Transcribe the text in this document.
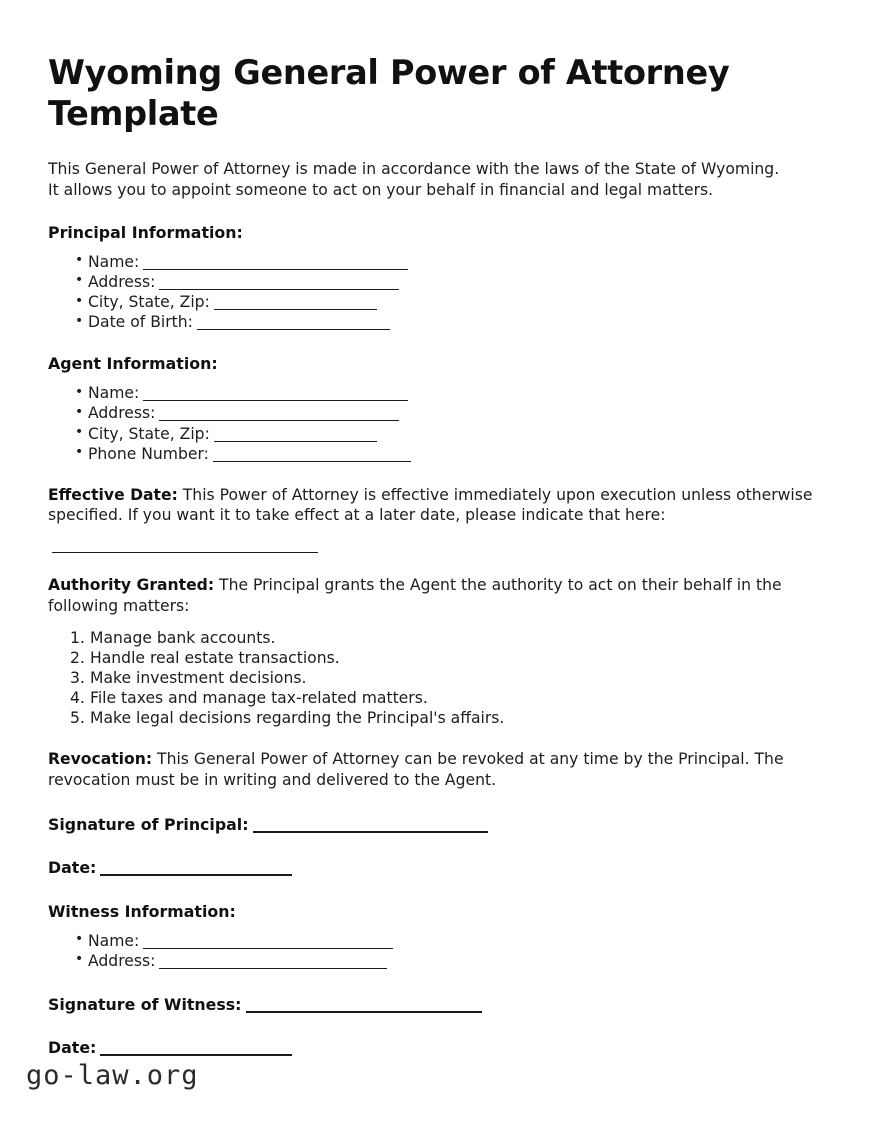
Wyoming General Power of Attorney Template

This General Power of Attorney is made in accordance with the laws of the State of Wyoming. It allows you to appoint someone to act on your behalf in financial and legal matters.

Principal Information:
• Name:
• Address:
• City, State, Zip:
• Date of Birth:
Agent Information:
• Name:
• Address:
• City, State, Zip:
• Phone Number:

Effective Date: This Power of Attorney is effective immediately upon execution unless otherwise specified. If you want it to take effect at a later date, please indicate that here:

Authority Granted: The Principal grants the Agent the authority to act on their behalf in the following matters:

Manage bank accounts.
Handle real estate transactions.
Make investment decisions.
File taxes and manage tax-related matters.
Make legal decisions regarding the Principal's affairs.

Revocation: This General Power of Attorney can be revoked at any time by the Principal. The revocation must be in writing and delivered to the Agent.

Signature of Principal:
Date:
Witness Information:
• Name:
• Address:
Signature of Witness:
Date:
go-law.org
